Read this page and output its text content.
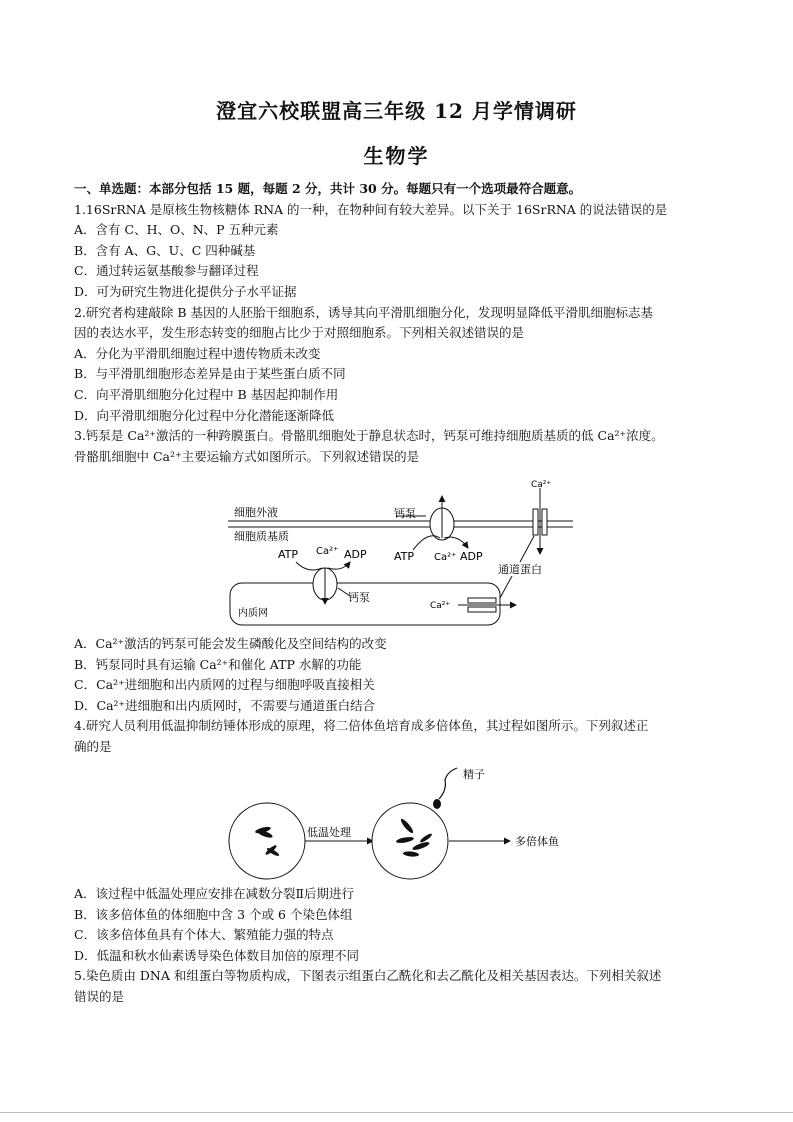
澄宜六校联盟高三年级 12 月学情调研
生物学

一、单选题：本部分包括 15 题，每题 2 分，共计 30 分。每题只有一个选项最符合题意。

1.16SrRNA 是原核生物核糖体 RNA 的一种，在物种间有较大差异。以下关于 16SrRNA 的说法错误的是

A．含有 C、H、O、N、P 五种元素

B．含有 A、G、U、C 四种碱基

C．通过转运氨基酸参与翻译过程

D．可为研究生物进化提供分子水平证据

2.研究者构建敲除 B 基因的人胚胎干细胞系，诱导其向平滑肌细胞分化，发现明显降低平滑肌细胞标志基

因的表达水平，发生形态转变的细胞占比少于对照细胞系。下列相关叙述错误的是

A．分化为平滑肌细胞过程中遗传物质未改变

B．与平滑肌细胞形态差异是由于某些蛋白质不同

C．向平滑肌细胞分化过程中 B 基因起抑制作用

D．向平滑肌细胞分化过程中分化潜能逐渐降低

3.钙泵是 Ca²⁺激活的一种跨膜蛋白。骨骼肌细胞处于静息状态时，钙泵可维持细胞质基质的低 Ca²⁺浓度。

骨骼肌细胞中 Ca²⁺主要运输方式如图所示。下列叙述错误的是

细胞外液
细胞质基质
钙泵
ATP Ca²⁺ ADP
Ca²⁺
通道蛋白
内质网
ATP Ca²⁺ ADP
钙泵
Ca²⁺

A．Ca²⁺激活的钙泵可能会发生磷酸化及空间结构的改变

B．钙泵同时具有运输 Ca²⁺和催化 ATP 水解的功能

C．Ca²⁺进细胞和出内质网的过程与细胞呼吸直接相关

D．Ca²⁺进细胞和出内质网时，不需要与通道蛋白结合

4.研究人员利用低温抑制纺锤体形成的原理，将二倍体鱼培育成多倍体鱼，其过程如图所示。下列叙述正

确的是

低温处理
精子
多倍体鱼

A．该过程中低温处理应安排在减数分裂Ⅱ后期进行

B．该多倍体鱼的体细胞中含 3 个或 6 个染色体组

C．该多倍体鱼具有个体大、繁殖能力强的特点

D．低温和秋水仙素诱导染色体数目加倍的原理不同

5.染色质由 DNA 和组蛋白等物质构成，下图表示组蛋白乙酰化和去乙酰化及相关基因表达。下列相关叙述

错误的是
